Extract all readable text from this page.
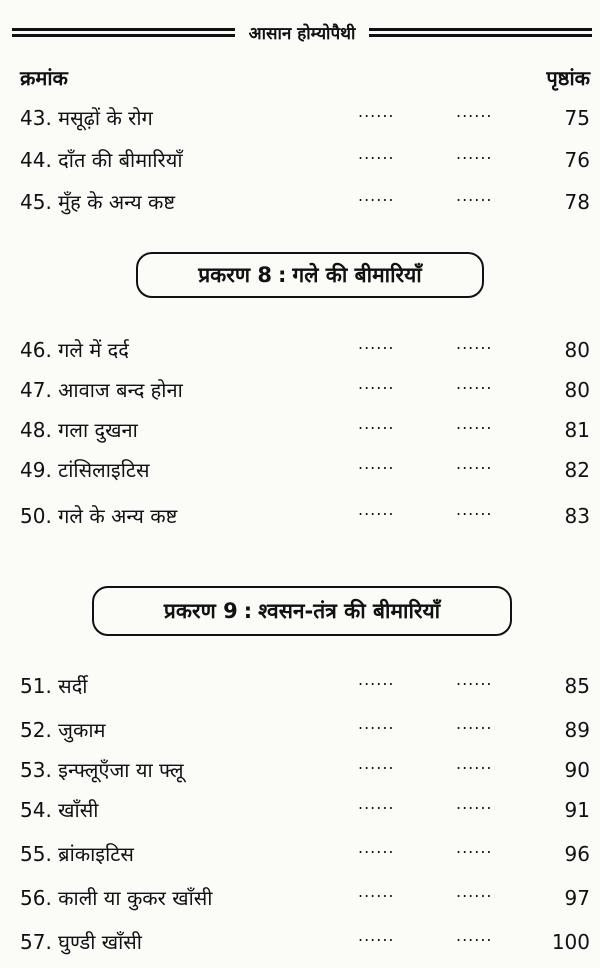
आसान होम्योपैथी
क्रमांक	पृष्ठांक
43. मसूढ़ों के रोग	......	......	75
44. दाँत की बीमारियाँ	......	......	76
45. मुँह के अन्य कष्ट	......	......	78
प्रकरण 8 : गले की बीमारियाँ
46. गले में दर्द	......	......	80
47. आवाज बन्द होना	......	......	80
48. गला दुखना	......	......	81
49. टांसिलाइटिस	......	......	82
50. गले के अन्य कष्ट	......	......	83
प्रकरण 9 : श्वसन-तंत्र की बीमारियाँ
51. सर्दी	......	......	85
52. जुकाम	......	......	89
53. इन्फ्लूएँजा या फ्लू	......	......	90
54. खाँसी	......	......	91
55. ब्रांकाइटिस	......	......	96
56. काली या कुकर खाँसी	......	......	97
57. घुण्डी खाँसी	......	......	100
